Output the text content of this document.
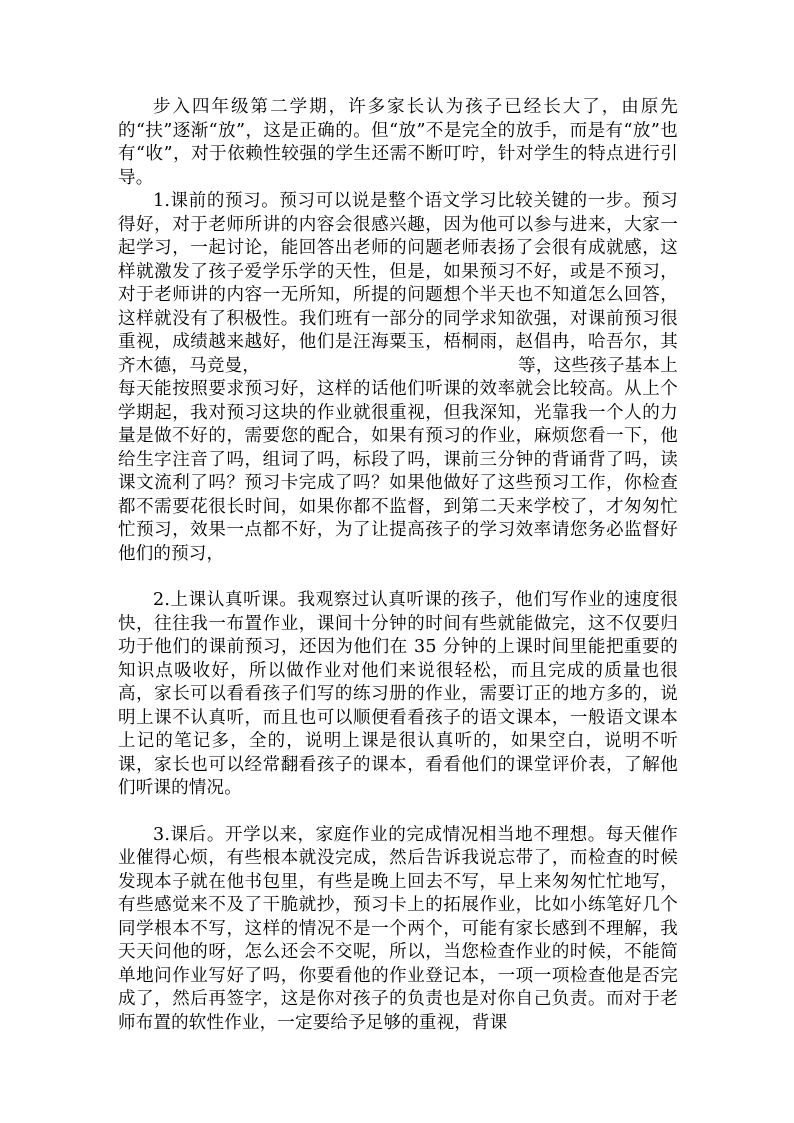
步入四年级第二学期，许多家长认为孩子已经长大了，由原先的“扶”逐渐“放”，这是正确的。但“放”不是完全的放手，而是有“放”也有“收”，对于依赖性较强的学生还需不断叮咛，针对学生的特点进行引导。

1.课前的预习。预习可以说是整个语文学习比较关键的一步。预习得好，对于老师所讲的内容会很感兴趣，因为他可以参与进来，大家一起学习，一起讨论，能回答出老师的问题老师表扬了会很有成就感，这样就激发了孩子爱学乐学的天性，但是，如果预习不好，或是不预习，对于老师讲的内容一无所知，所提的问题想个半天也不知道怎么回答，这样就没有了积极性。我们班有一部分的同学求知欲强，对课前预习很重视，成绩越来越好，他们是汪海粟玉，梧桐雨，赵倡冉，哈吾尔，其齐木德，马竞曼，　　　　　　　　　　　　　　　等，这些孩子基本上每天能按照要求预习好，这样的话他们听课的效率就会比较高。从上个学期起，我对预习这块的作业就很重视，但我深知，光靠我一个人的力量是做不好的，需要您的配合，如果有预习的作业，麻烦您看一下，他给生字注音了吗，组词了吗，标段了吗，课前三分钟的背诵背了吗，读课文流利了吗？预习卡完成了吗？如果他做好了这些预习工作，你检查都不需要花很长时间，如果你都不监督，到第二天来学校了，才匆匆忙忙预习，效果一点都不好，为了让提高孩子的学习效率请您务必监督好他们的预习，

2.上课认真听课。我观察过认真听课的孩子，他们写作业的速度很快，往往我一布置作业，课间十分钟的时间有些就能做完，这不仅要归功于他们的课前预习，还因为他们在 35 分钟的上课时间里能把重要的知识点吸收好，所以做作业对他们来说很轻松，而且完成的质量也很高，家长可以看看孩子们写的练习册的作业，需要订正的地方多的，说明上课不认真听，而且也可以顺便看看孩子的语文课本，一般语文课本上记的笔记多，全的，说明上课是很认真听的，如果空白，说明不听课，家长也可以经常翻看孩子的课本，看看他们的课堂评价表，了解他们听课的情况。

3.课后。开学以来，家庭作业的完成情况相当地不理想。每天催作业催得心烦，有些根本就没完成，然后告诉我说忘带了，而检查的时候发现本子就在他书包里，有些是晚上回去不写，早上来匆匆忙忙地写，有些感觉来不及了干脆就抄，预习卡上的拓展作业，比如小练笔好几个同学根本不写，这样的情况不是一个两个，可能有家长感到不理解，我天天问他的呀，怎么还会不交呢，所以，当您检查作业的时候，不能简单地问作业写好了吗，你要看他的作业登记本，一项一项检查他是否完成了，然后再签字，这是你对孩子的负责也是对你自己负责。而对于老师布置的软性作业，一定要给予足够的重视，背课
